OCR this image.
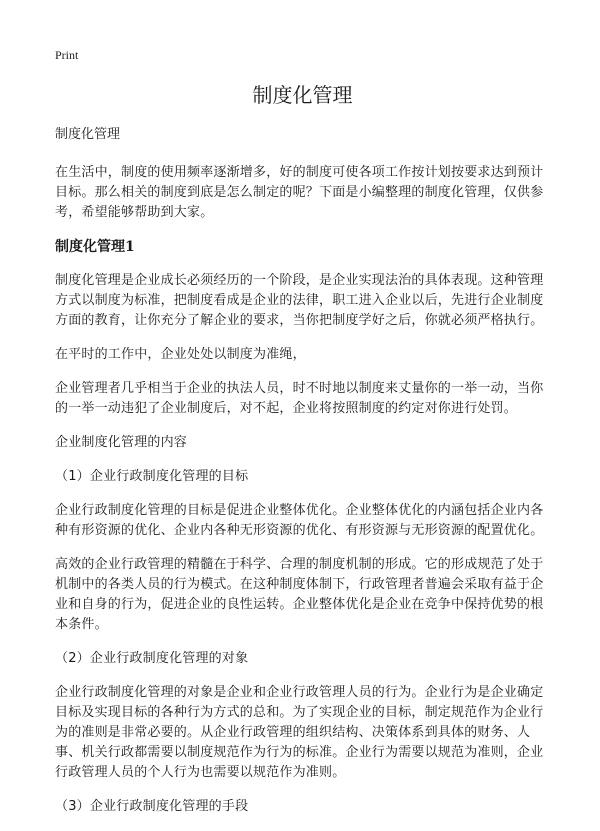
Print
制度化管理

制度化管理

在生活中，制度的使用频率逐渐增多，好的制度可使各项工作按计划按要求达到预计目标。那么相关的制度到底是怎么制定的呢？下面是小编整理的制度化管理，仅供参考，希望能够帮助到大家。

制度化管理1

制度化管理是企业成长必须经历的一个阶段，是企业实现法治的具体表现。这种管理方式以制度为标准，把制度看成是企业的法律，职工进入企业以后，先进行企业制度方面的教育，让你充分了解企业的要求，当你把制度学好之后，你就必须严格执行。

在平时的工作中，企业处处以制度为准绳，

企业管理者几乎相当于企业的执法人员，时不时地以制度来丈量你的一举一动，当你的一举一动违犯了企业制度后，对不起，企业将按照制度的约定对你进行处罚。

企业制度化管理的内容

（1）企业行政制度化管理的目标

企业行政制度化管理的目标是促进企业整体优化。企业整体优化的内涵包括企业内各种有形资源的优化、企业内各种无形资源的优化、有形资源与无形资源的配置优化。

高效的企业行政管理的精髓在于科学、合理的制度机制的形成。它的形成规范了处于机制中的各类人员的行为模式。在这种制度体制下，行政管理者普遍会采取有益于企业和自身的行为，促进企业的良性运转。企业整体优化是企业在竞争中保持优势的根本条件。

（2）企业行政制度化管理的对象

企业行政制度化管理的对象是企业和企业行政管理人员的行为。企业行为是企业确定目标及实现目标的各种行为方式的总和。为了实现企业的目标，制定规范作为企业行为的准则是非常必要的。从企业行政管理的组织结构、决策体系到具体的财务、人事、机关行政都需要以制度规范作为行为的标准。企业行为需要以规范为准则，企业行政管理人员的个人行为也需要以规范作为准则。

（3）企业行政制度化管理的手段
